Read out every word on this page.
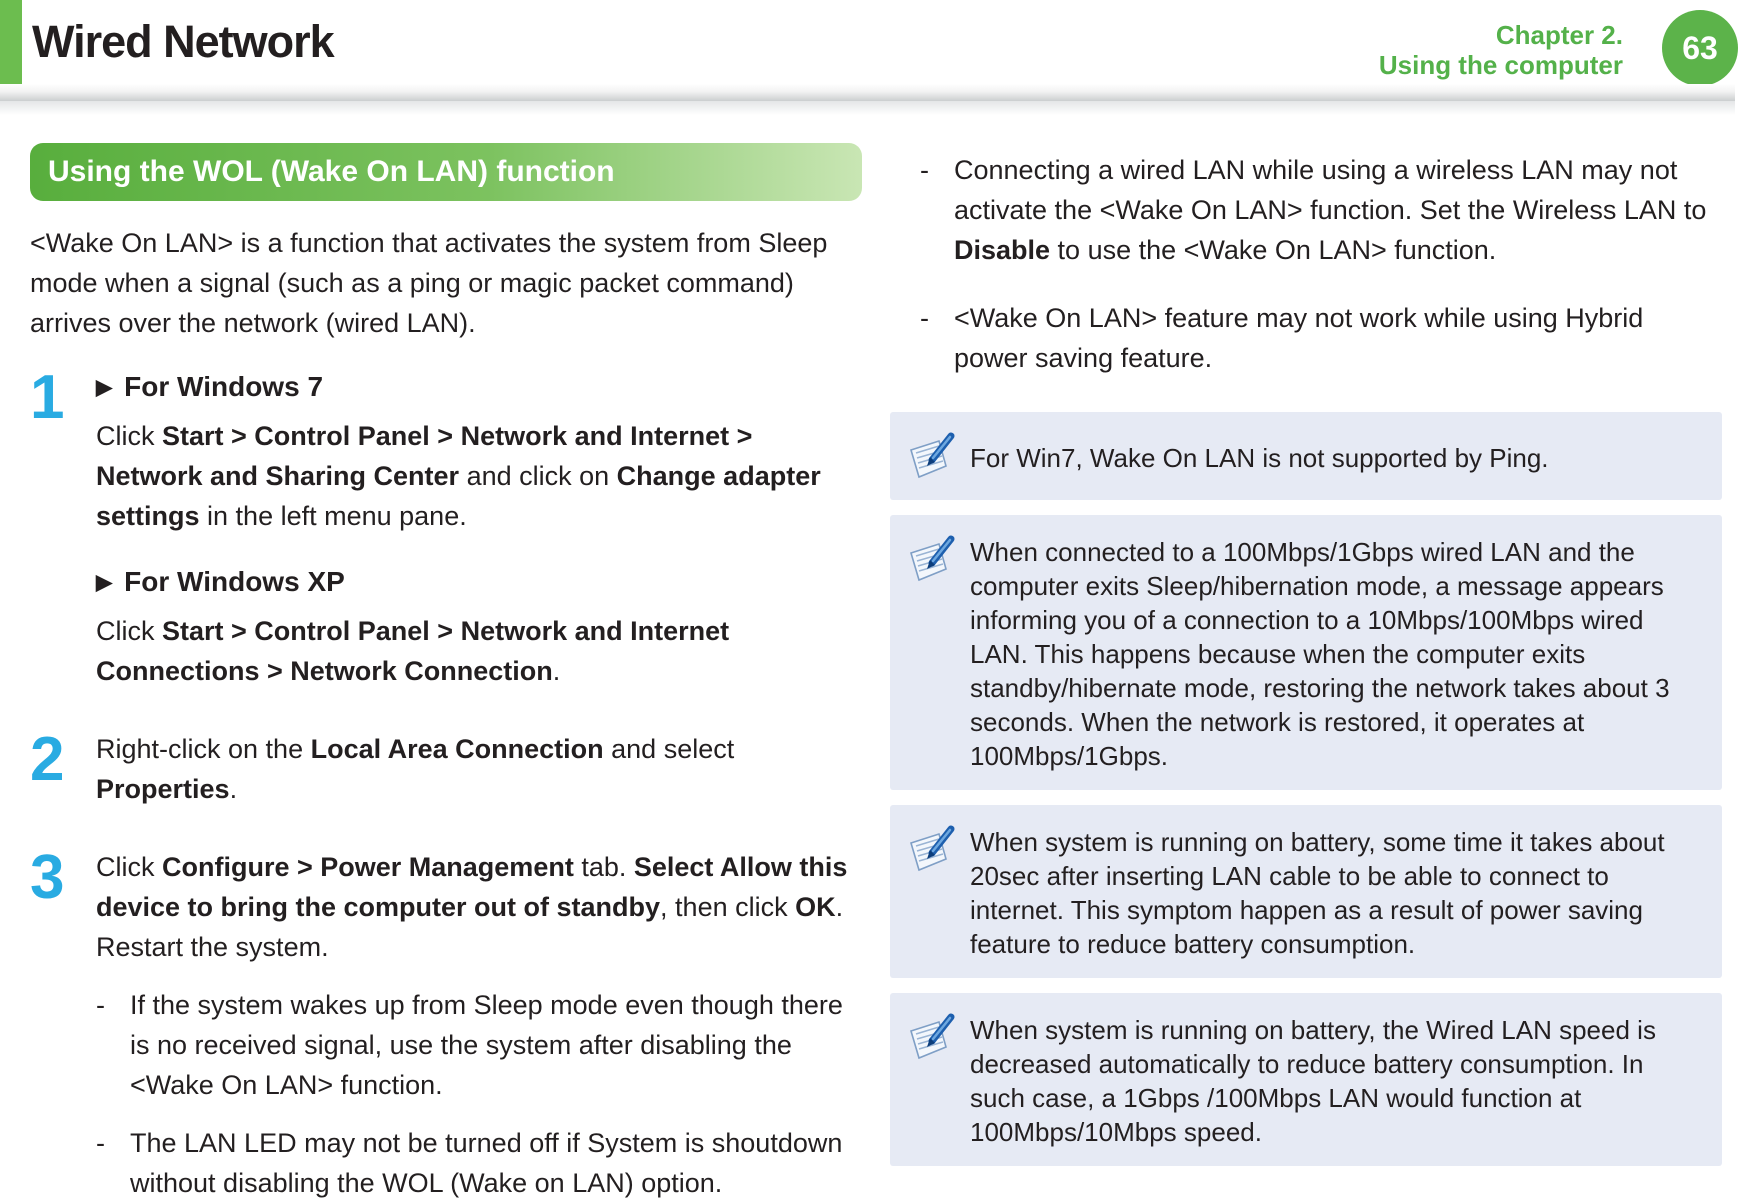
Wired Network	Chapter 2.
Using the computer	63
Using the WOL (Wake On LAN) function
<Wake On LAN> is a function that activates the system from Sleep mode when a signal (such as a ping or magic packet command) arrives over the network (wired LAN).
1	▶ For Windows 7
Click Start > Control Panel > Network and Internet > Network and Sharing Center and click on Change adapter settings in the left menu pane.
▶ For Windows XP
Click Start > Control Panel > Network and Internet Connections > Network Connection.
2	Right-click on the Local Area Connection and select Properties.
3	Click Configure > Power Management tab. Select Allow this device to bring the computer out of standby, then click OK. Restart the system.
- If the system wakes up from Sleep mode even though there is no received signal, use the system after disabling the <Wake On LAN> function.
- The LAN LED may not be turned off if System is shoutdown without disabling the WOL (Wake on LAN) option.
- Connecting a wired LAN while using a wireless LAN may not activate the <Wake On LAN> function. Set the Wireless LAN to Disable to use the <Wake On LAN> function.
- <Wake On LAN> feature may not work while using Hybrid power saving feature.
For Win7, Wake On LAN is not supported by Ping.
When connected to a 100Mbps/1Gbps wired LAN and the computer exits Sleep/hibernation mode, a message appears informing you of a connection to a 10Mbps/100Mbps wired LAN. This happens because when the computer exits standby/hibernate mode, restoring the network takes about 3 seconds. When the network is restored, it operates at 100Mbps/1Gbps.
When system is running on battery, some time it takes about 20sec after inserting LAN cable to be able to connect to internet. This symptom happen as a result of power saving feature to reduce battery consumption.
When system is running on battery, the Wired LAN speed is decreased automatically to reduce battery consumption. In such case, a 1Gbps /100Mbps LAN would function at 100Mbps/10Mbps speed.
